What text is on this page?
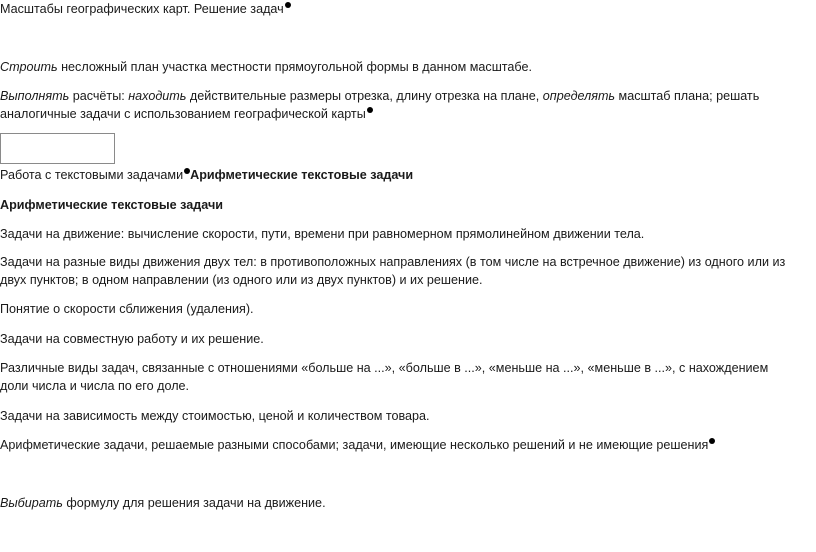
Масштабы географических карт. Решение задач

Строить несложный план участка местности прямоугольной формы в данном масштабе.

Выполнять расчёты: находить действительные размеры отрезка, длину отрезка на плане, определять масштаб плана; решать аналогичные задачи с использованием географической карты

Работа с текстовыми задачами Арифметические текстовые задачи

Арифметические текстовые задачи

Задачи на движение: вычисление скорости, пути, времени при равномерном прямолинейном движении тела.

Задачи на разные виды движения двух тел: в противоположных направлениях (в том числе на встречное движение) из одного или из двух пунктов; в одном направлении (из одного или из двух пунктов) и их решение.

Понятие о скорости сближения (удаления).

Задачи на совместную работу и их решение.

Различные виды задач, связанные с отношениями «больше на ...», «больше в ...», «меньше на ...», «меньше в ...», с нахождением доли числа и числа по его доле.

Задачи на зависимость между стоимостью, ценой и количеством товара.

Арифметические задачи, решаемые разными способами; задачи, имеющие несколько решений и не имеющие решения

Выбирать формулу для решения задачи на движение.
